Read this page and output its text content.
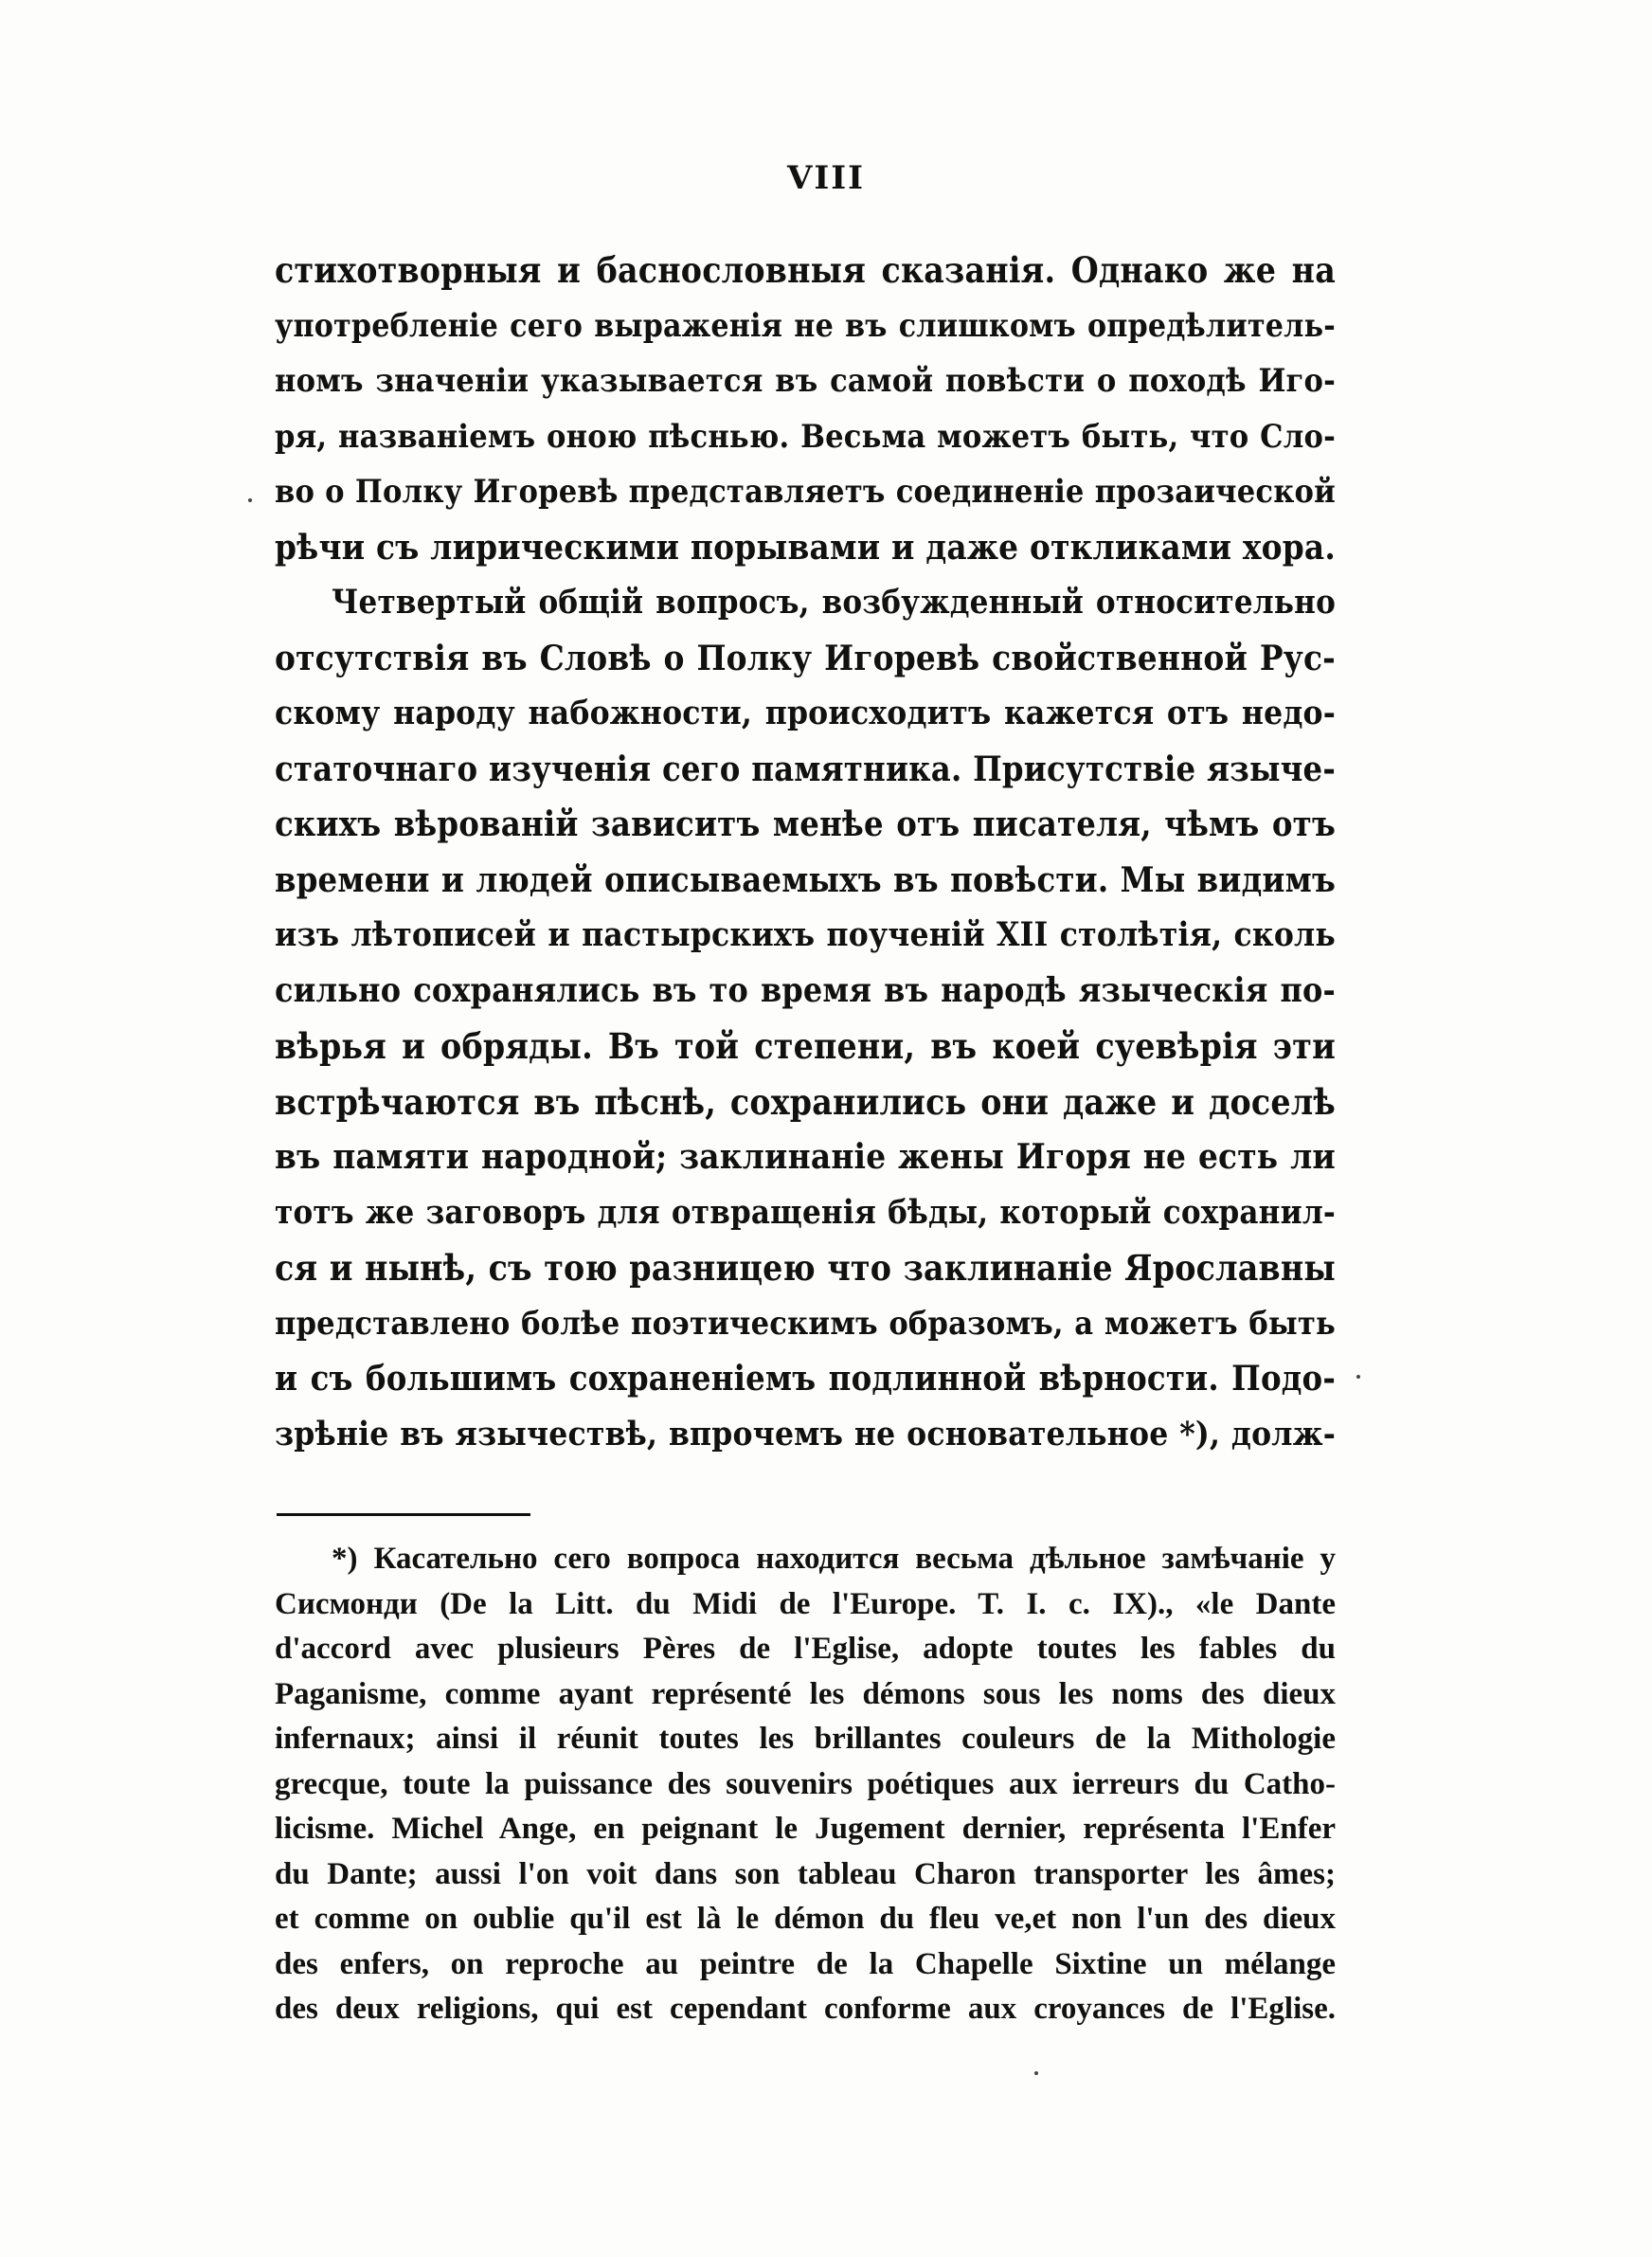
VIII
стихотворныя и баснословныя сказанія. Однако же на
употребленіе сего выраженія не въ слишкомъ опредѣлитель-
номъ значеніи указывается въ самой повѣсти о походѣ Иго-
ря, названіемъ оною пѣснью. Весьма можетъ быть, что Сло-
во о Полку Игоревѣ представляетъ соединеніе прозаической
рѣчи съ лирическими порывами и даже откликами хора.
Четвертый общій вопросъ, возбужденный относительно
отсутствія въ Словѣ о Полку Игоревѣ свойственной Рус-
скому народу набожности, происходитъ кажется отъ недо-
статочнаго изученія сего памятника. Присутствіе языче-
скихъ вѣрованій зависитъ менѣе отъ писателя, чѣмъ отъ
времени и людей описываемыхъ въ повѣсти. Мы видимъ
изъ лѣтописей и пастырскихъ поученій XII столѣтія, сколь
сильно сохранялись въ то время въ народѣ языческія по-
вѣрья и обряды. Въ той степени, въ коей суевѣрія эти
встрѣчаются въ пѣснѣ, сохранились они даже и доселѣ
въ памяти народной; заклинаніе жены Игоря не есть ли
тотъ же заговоръ для отвращенія бѣды, который сохранил-
ся и нынѣ, съ тою разницею что заклинаніе Ярославны
представлено болѣе поэтическимъ образомъ, а можетъ быть
и съ большимъ сохраненіемъ подлинной вѣрности. Подо-
зрѣніе въ язычествѣ, впрочемъ не основательное *), долж-
*) Касательно сего вопроса находится весьма дѣльное замѣчаніе у
Сисмонди (De la Litt. du Midi de l'Europe. T. I. c. IX)., «le Dante
d'accord avec plusieurs Pères de l'Eglise, adopte toutes les fables du
Paganisme, comme ayant représenté les démons sous les noms des dieux
infernaux; ainsi il réunit toutes les brillantes couleurs de la Mithologie
grecque, toute la puissance des souvenirs poétiques aux ierreurs du Catho-
licisme. Michel Ange, en peignant le Jugement dernier, représenta l'Enfer
du Dante; aussi l'on voit dans son tableau Charon transporter les âmes;
et comme on oublie qu'il est là le démon du fleu ve,et non l'un des dieux
des enfers, on reproche au peintre de la Chapelle Sixtine un mélange
des deux religions, qui est cependant conforme aux croyances de l'Eglise.
